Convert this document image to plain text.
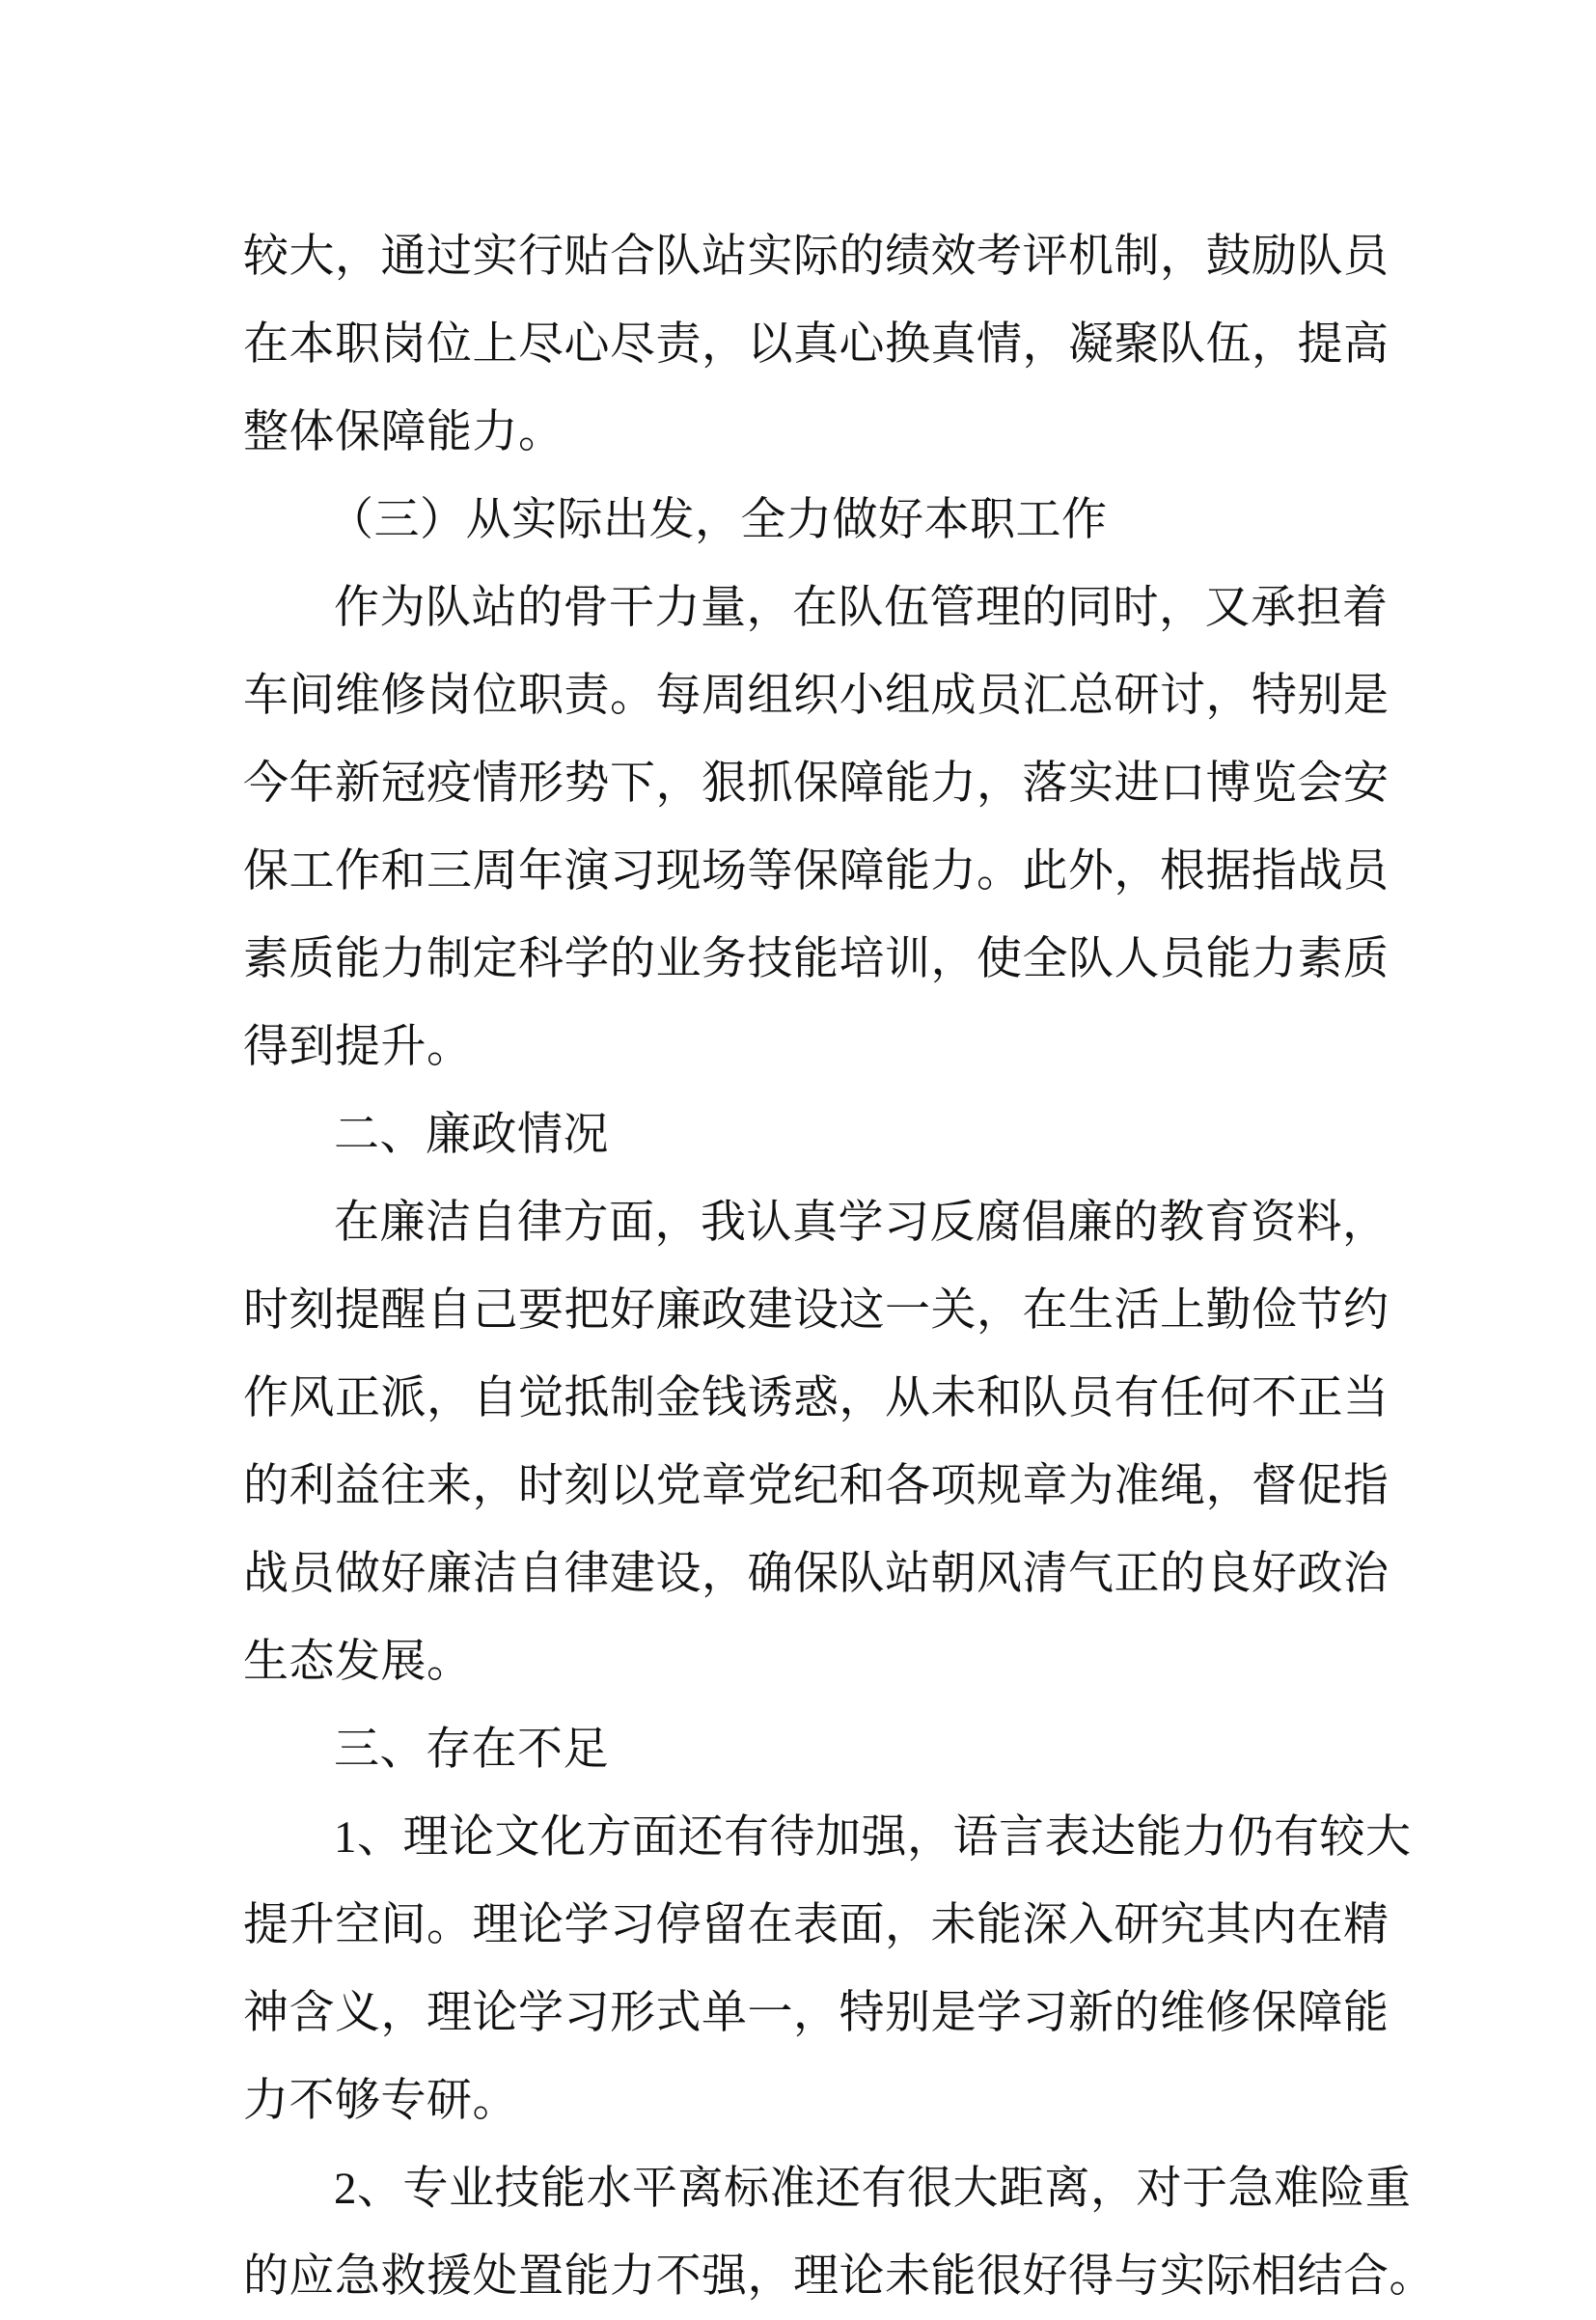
较大，通过实行贴合队站实际的绩效考评机制，鼓励队员
在本职岗位上尽心尽责，以真心换真情，凝聚队伍，提高
整体保障能力。
（三）从实际出发，全力做好本职工作
作为队站的骨干力量，在队伍管理的同时，又承担着
车间维修岗位职责。每周组织小组成员汇总研讨，特别是
今年新冠疫情形势下，狠抓保障能力，落实进口博览会安
保工作和三周年演习现场等保障能力。此外，根据指战员
素质能力制定科学的业务技能培训，使全队人员能力素质
得到提升。
二、廉政情况
在廉洁自律方面，我认真学习反腐倡廉的教育资料，
时刻提醒自己要把好廉政建设这一关，在生活上勤俭节约
作风正派，自觉抵制金钱诱惑，从未和队员有任何不正当
的利益往来，时刻以党章党纪和各项规章为准绳，督促指
战员做好廉洁自律建设，确保队站朝风清气正的良好政治
生态发展。
三、存在不足
1、理论文化方面还有待加强，语言表达能力仍有较大
提升空间。理论学习停留在表面，未能深入研究其内在精
神含义，理论学习形式单一，特别是学习新的维修保障能
力不够专研。
2、专业技能水平离标准还有很大距离，对于急难险重
的应急救援处置能力不强，理论未能很好得与实际相结合。
